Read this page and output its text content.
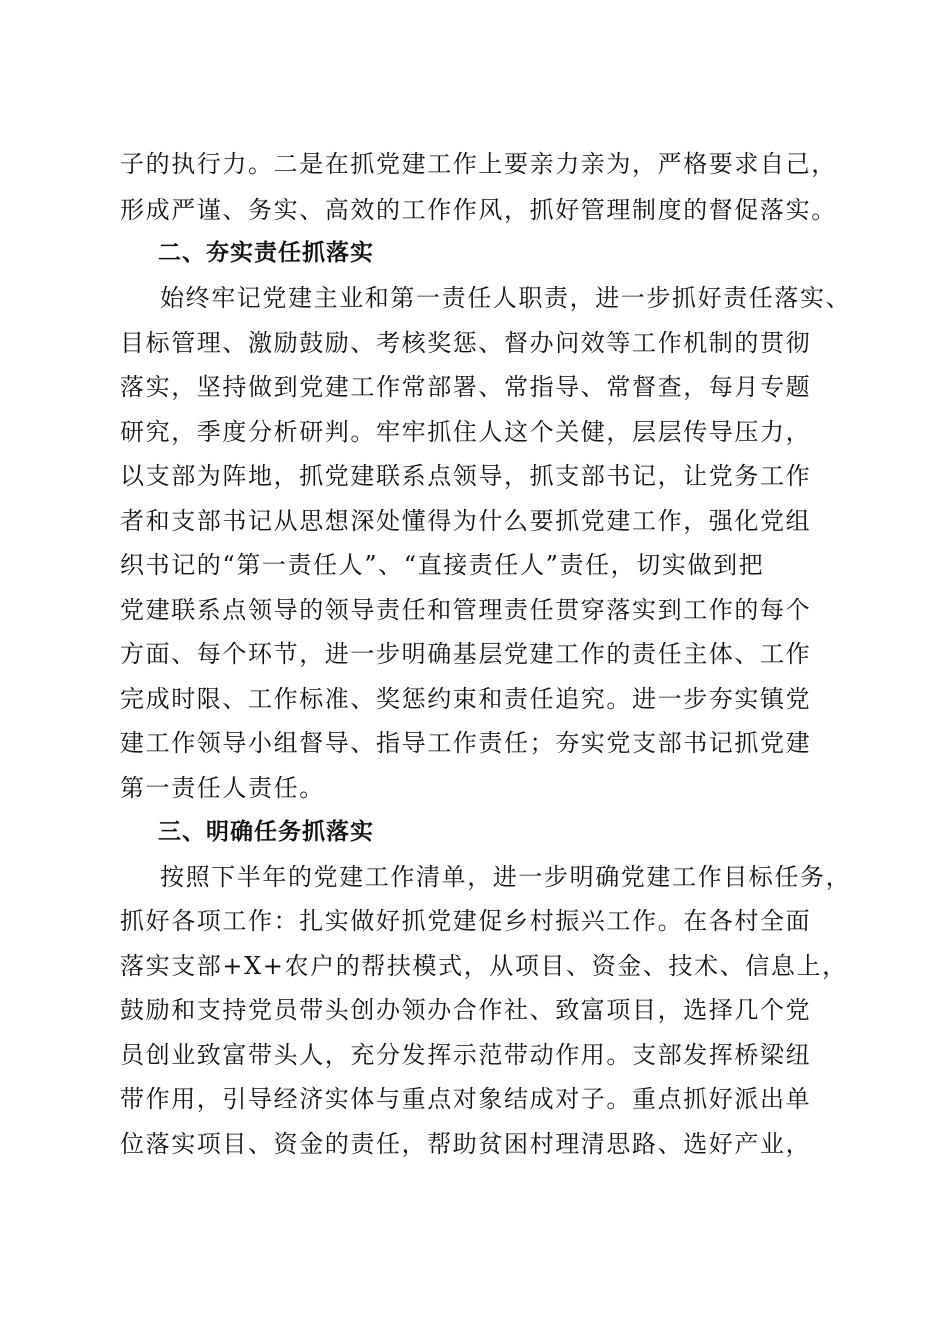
子的执行力。二是在抓党建工作上要亲力亲为，严格要求自己，
形成严谨、务实、高效的工作作风，抓好管理制度的督促落实。
二、夯实责任抓落实
始终牢记党建主业和第一责任人职责，进一步抓好责任落实、
目标管理、激励鼓励、考核奖惩、督办问效等工作机制的贯彻
落实，坚持做到党建工作常部署、常指导、常督查，每月专题
研究，季度分析研判。牢牢抓住人这个关健，层层传导压力，
以支部为阵地，抓党建联系点领导，抓支部书记，让党务工作
者和支部书记从思想深处懂得为什么要抓党建工作，强化党组
织书记的“第一责任人”、“直接责任人”责任，切实做到把
党建联系点领导的领导责任和管理责任贯穿落实到工作的每个
方面、每个环节，进一步明确基层党建工作的责任主体、工作
完成时限、工作标准、奖惩约束和责任追究。进一步夯实镇党
建工作领导小组督导、指导工作责任；夯实党支部书记抓党建
第一责任人责任。
三、明确任务抓落实
按照下半年的党建工作清单，进一步明确党建工作目标任务，
抓好各项工作：扎实做好抓党建促乡村振兴工作。在各村全面
落实支部+X+农户的帮扶模式，从项目、资金、技术、信息上，
鼓励和支持党员带头创办领办合作社、致富项目，选择几个党
员创业致富带头人，充分发挥示范带动作用。支部发挥桥梁纽
带作用，引导经济实体与重点对象结成对子。重点抓好派出单
位落实项目、资金的责任，帮助贫困村理清思路、选好产业，
